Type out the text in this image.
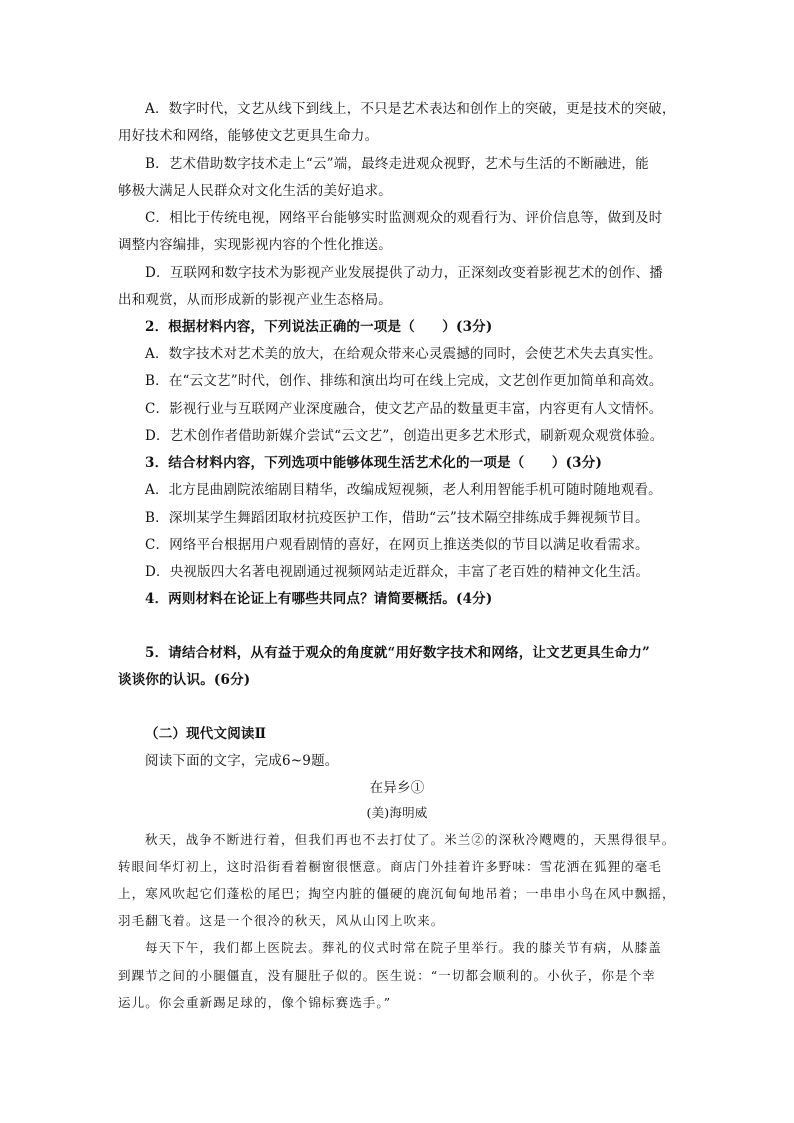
A．数字时代，文艺从线下到线上，不只是艺术表达和创作上的突破，更是技术的突破，
用好技术和网络，能够使文艺更具生命力。
B．艺术借助数字技术走上“云”端，最终走进观众视野，艺术与生活的不断融进，能
够极大满足人民群众对文化生活的美好追求。
C．相比于传统电视，网络平台能够实时监测观众的观看行为、评价信息等，做到及时
调整内容编排，实现影视内容的个性化推送。
D．互联网和数字技术为影视产业发展提供了动力，正深刻改变着影视艺术的创作、播
出和观赏，从而形成新的影视产业生态格局。
2．根据材料内容，下列说法正确的一项是（　　）(3分)
A．数字技术对艺术美的放大，在给观众带来心灵震撼的同时，会使艺术失去真实性。
B．在“云文艺”时代，创作、排练和演出均可在线上完成，文艺创作更加简单和高效。
C．影视行业与互联网产业深度融合，使文艺产品的数量更丰富，内容更有人文情怀。
D．艺术创作者借助新媒介尝试“云文艺”，创造出更多艺术形式，刷新观众观赏体验。
3．结合材料内容，下列选项中能够体现生活艺术化的一项是（　　）(3分)
A．北方昆曲剧院浓缩剧目精华，改编成短视频，老人利用智能手机可随时随地观看。
B．深圳某学生舞蹈团取材抗疫医护工作，借助“云”技术隔空排练成手舞视频节目。
C．网络平台根据用户观看剧情的喜好，在网页上推送类似的节目以满足收看需求。
D．央视版四大名著电视剧通过视频网站走近群众，丰富了老百姓的精神文化生活。
4．两则材料在论证上有哪些共同点？请简要概括。(4分)
5．请结合材料，从有益于观众的角度就“用好数字技术和网络，让文艺更具生命力”
谈谈你的认识。(6分)
（二）现代文阅读Ⅱ
阅读下面的文字，完成6~9题。
在异乡①
(美)海明威
秋天，战争不断进行着，但我们再也不去打仗了。米兰②的深秋冷飕飕的，天黑得很早。
转眼间华灯初上，这时沿街看着橱窗很惬意。商店门外挂着许多野味：雪花洒在狐狸的毫毛
上，寒风吹起它们蓬松的尾巴；掏空内脏的僵硬的鹿沉甸甸地吊着；一串串小鸟在风中飘摇，
羽毛翻飞着。这是一个很冷的秋天，风从山冈上吹来。
每天下午，我们都上医院去。葬礼的仪式时常在院子里举行。我的膝关节有病，从膝盖
到踝节之间的小腿僵直，没有腿肚子似的。医生说：“一切都会顺利的。小伙子，你是个幸
运儿。你会重新踢足球的，像个锦标赛选手。”
